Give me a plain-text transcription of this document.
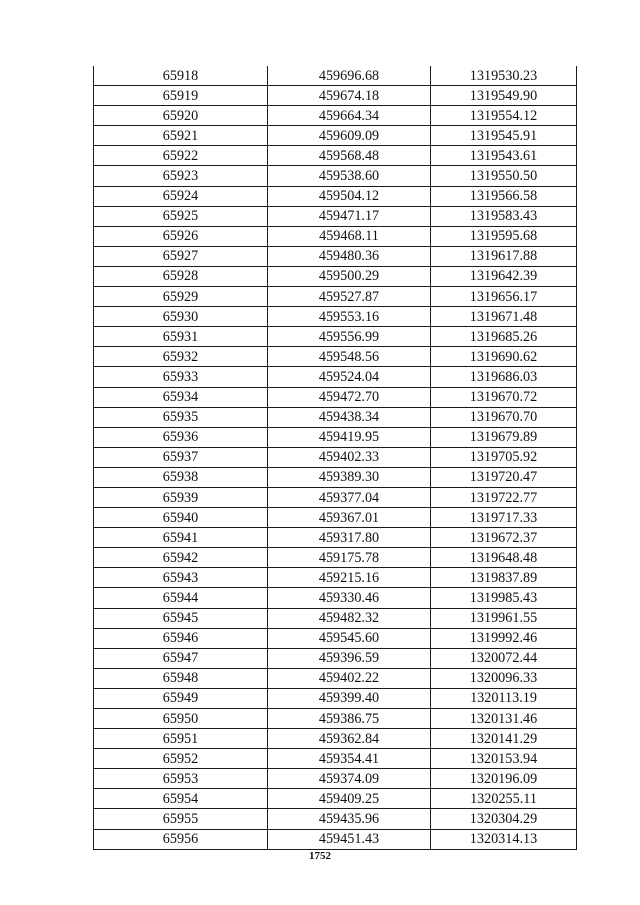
65918	459696.68	1319530.23
65919	459674.18	1319549.90
65920	459664.34	1319554.12
65921	459609.09	1319545.91
65922	459568.48	1319543.61
65923	459538.60	1319550.50
65924	459504.12	1319566.58
65925	459471.17	1319583.43
65926	459468.11	1319595.68
65927	459480.36	1319617.88
65928	459500.29	1319642.39
65929	459527.87	1319656.17
65930	459553.16	1319671.48
65931	459556.99	1319685.26
65932	459548.56	1319690.62
65933	459524.04	1319686.03
65934	459472.70	1319670.72
65935	459438.34	1319670.70
65936	459419.95	1319679.89
65937	459402.33	1319705.92
65938	459389.30	1319720.47
65939	459377.04	1319722.77
65940	459367.01	1319717.33
65941	459317.80	1319672.37
65942	459175.78	1319648.48
65943	459215.16	1319837.89
65944	459330.46	1319985.43
65945	459482.32	1319961.55
65946	459545.60	1319992.46
65947	459396.59	1320072.44
65948	459402.22	1320096.33
65949	459399.40	1320113.19
65950	459386.75	1320131.46
65951	459362.84	1320141.29
65952	459354.41	1320153.94
65953	459374.09	1320196.09
65954	459409.25	1320255.11
65955	459435.96	1320304.29
65956	459451.43	1320314.13
1752
